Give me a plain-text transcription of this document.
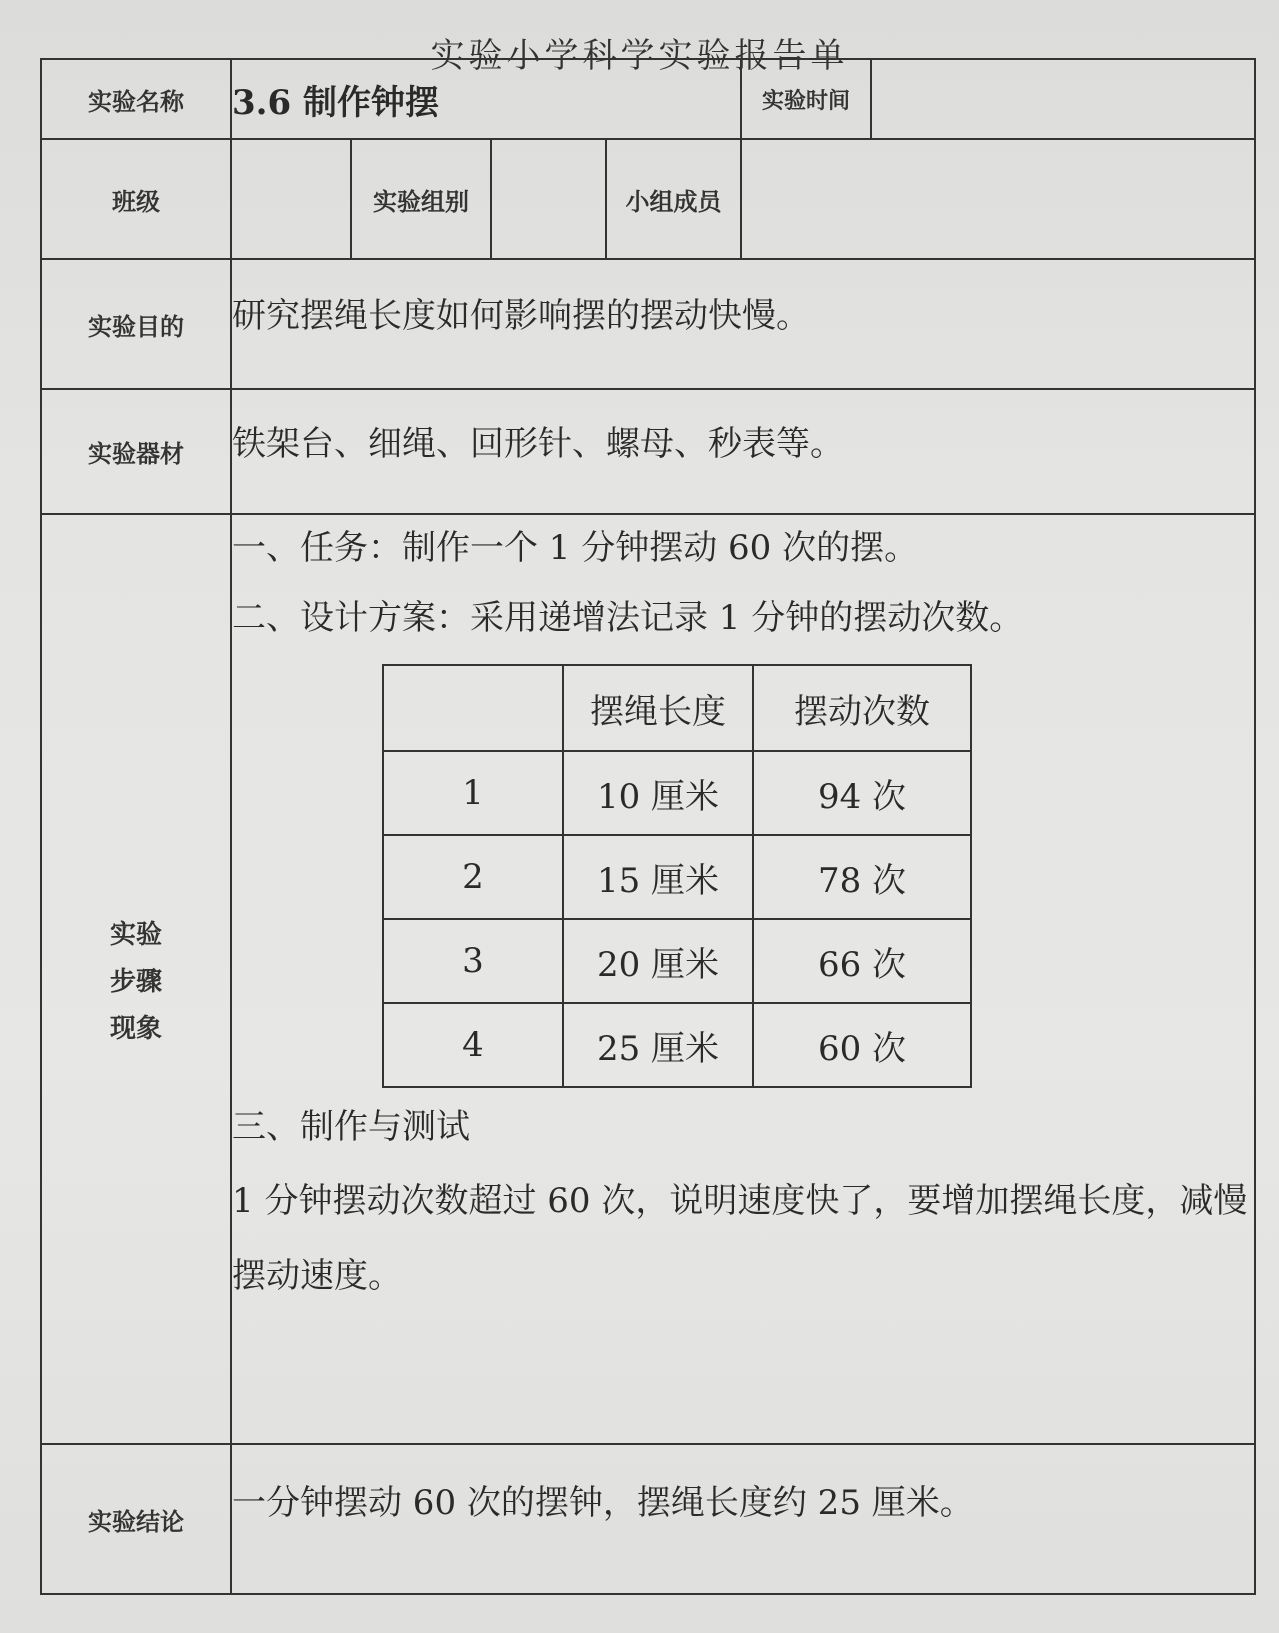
实验小学科学实验报告单
实验名称	3.6 制作钟摆	实验时间	
班级		实验组别		小组成员	
实验目的	研究摆绳长度如何影响摆的摆动快慢。
实验器材	铁架台、细绳、回形针、螺母、秒表等。

实验
步骤
现象

一、任务：制作一个 1 分钟摆动 60 次的摆。
二、设计方案：采用递增法记录 1 分钟的摆动次数。
	摆绳长度	摆动次数
1	10 厘米	94 次
2	15 厘米	78 次
3	20 厘米	66 次
4	25 厘米	60 次
三、制作与测试
1 分钟摆动次数超过 60 次，说明速度快了，要增加摆绳长度，减慢摆动速度。

实验结论	一分钟摆动 60 次的摆钟，摆绳长度约 25 厘米。
